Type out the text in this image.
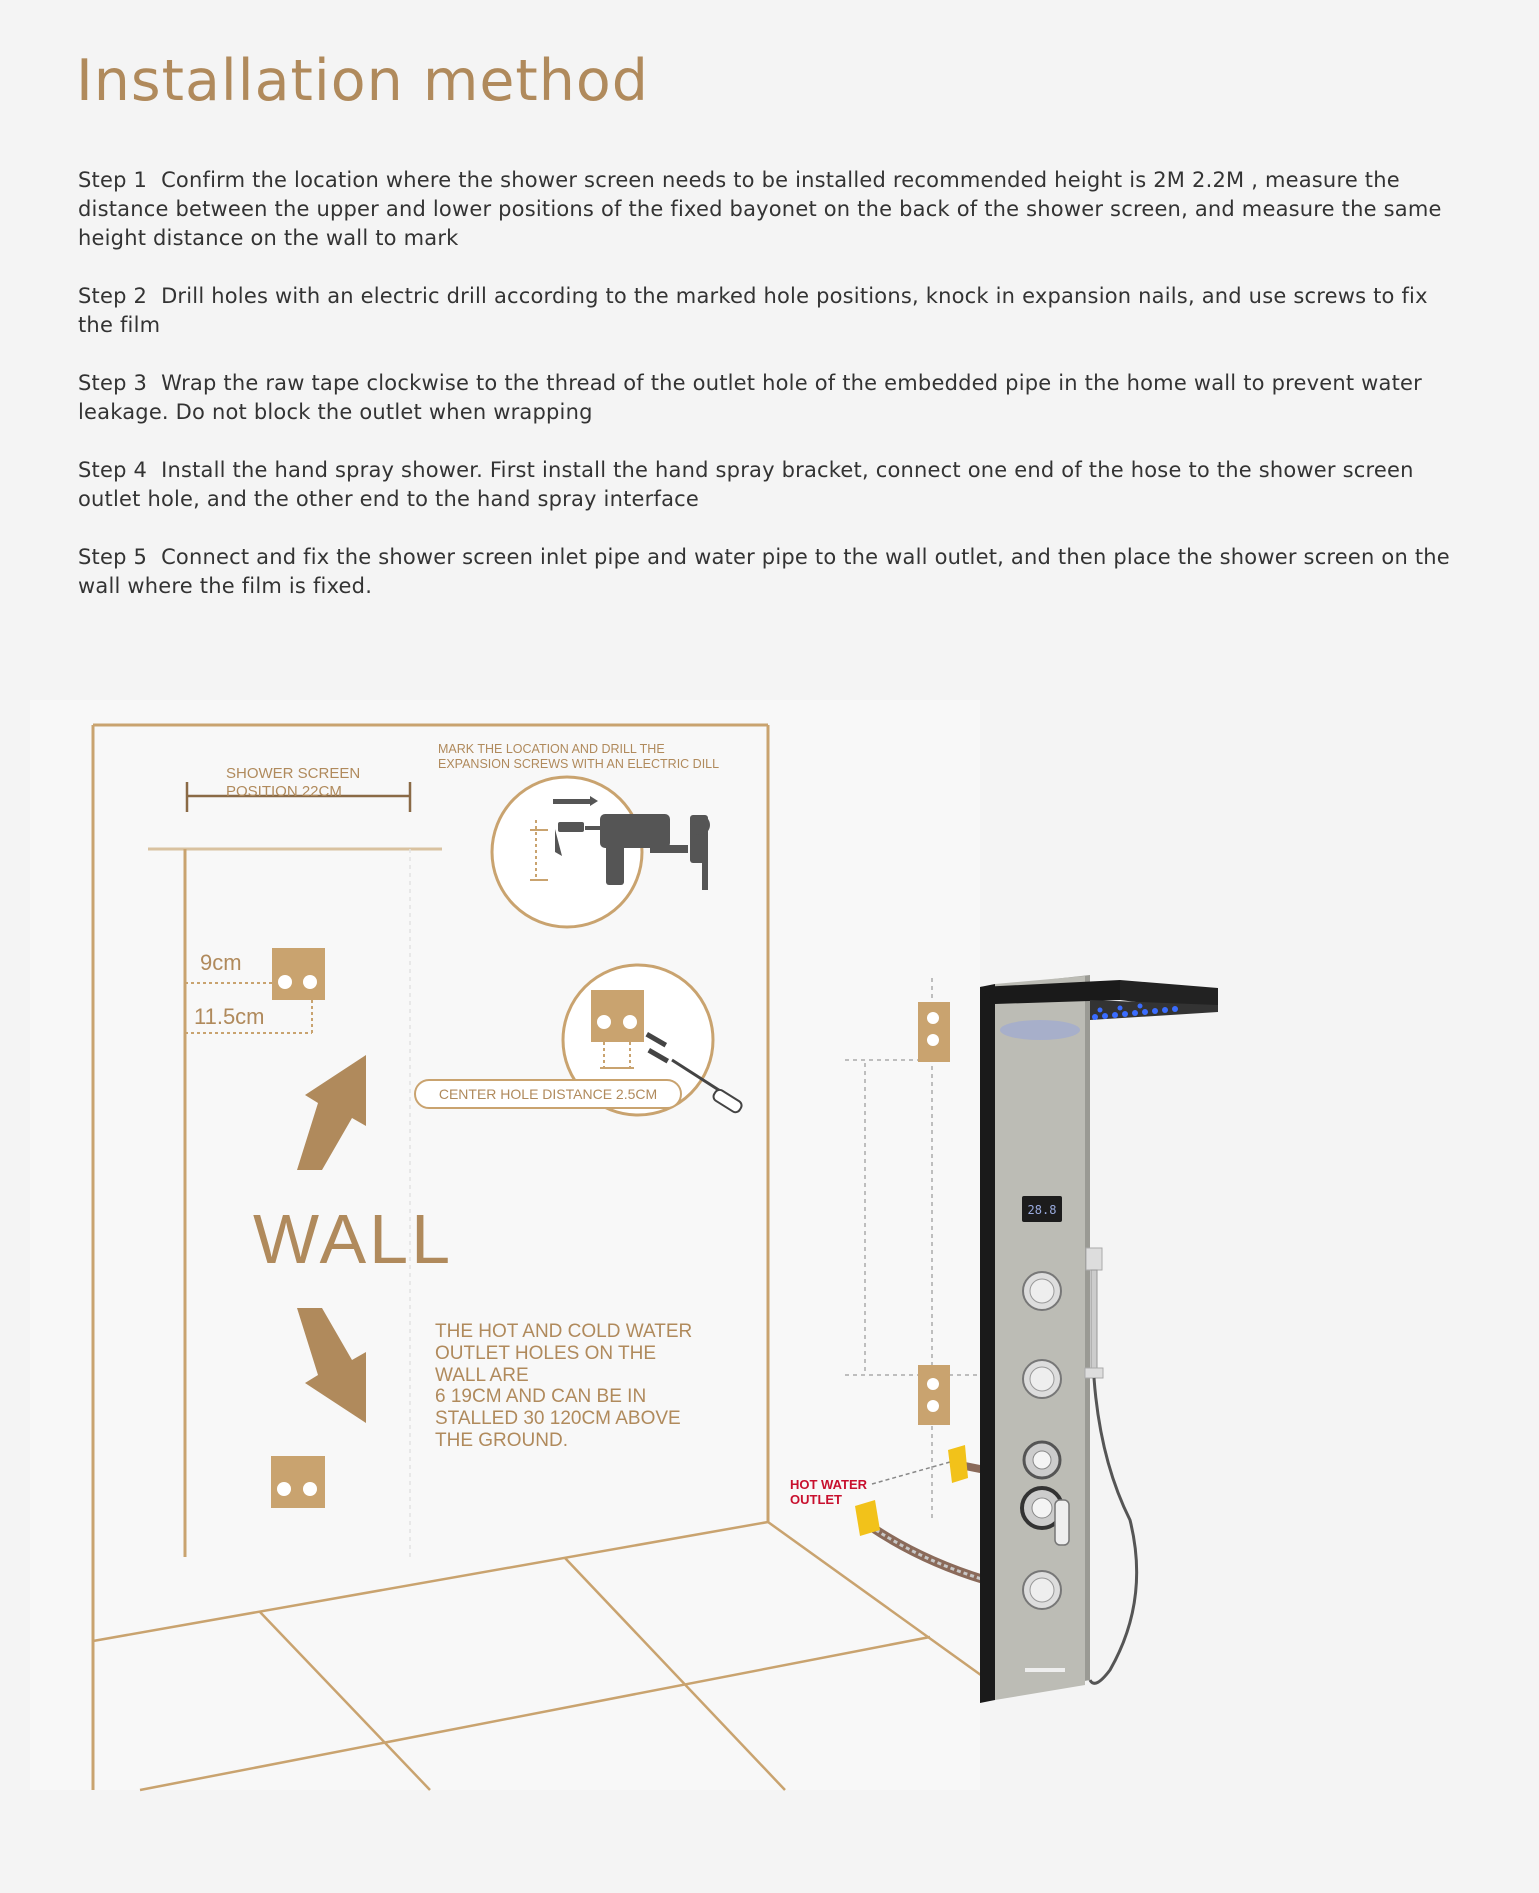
Installation method

Step 1 Confirm the location where the shower screen needs to be installed recommended height is 2M 2.2M , measure the distance between the upper and lower positions of the fixed bayonet on the back of the shower screen, and measure the same height distance on the wall to mark

Step 2 Drill holes with an electric drill according to the marked hole positions, knock in expansion nails, and use screws to fix the film

Step 3 Wrap the raw tape clockwise to the thread of the outlet hole of the embedded pipe in the home wall to prevent water leakage. Do not block the outlet when wrapping

Step 4 Install the hand spray shower. First install the hand spray bracket, connect one end of the hose to the shower screen outlet hole, and the other end to the hand spray interface

Step 5 Connect and fix the shower screen inlet pipe and water pipe to the wall outlet, and then place the shower screen on the wall where the film is fixed.

SHOWER SCREEN
POSITION 22CM
MARK THE LOCATION AND DRILL THE
EXPANSION SCREWS WITH AN ELECTRIC DILL
9cm
11.5cm
CENTER HOLE DISTANCE 2.5CM
WALL
THE HOT AND COLD WATER
OUTLET HOLES ON THE
WALL ARE
6 19CM AND CAN BE IN
STALLED 30 120CM ABOVE
THE GROUND.
HOT WATER
OUTLET
28.8
